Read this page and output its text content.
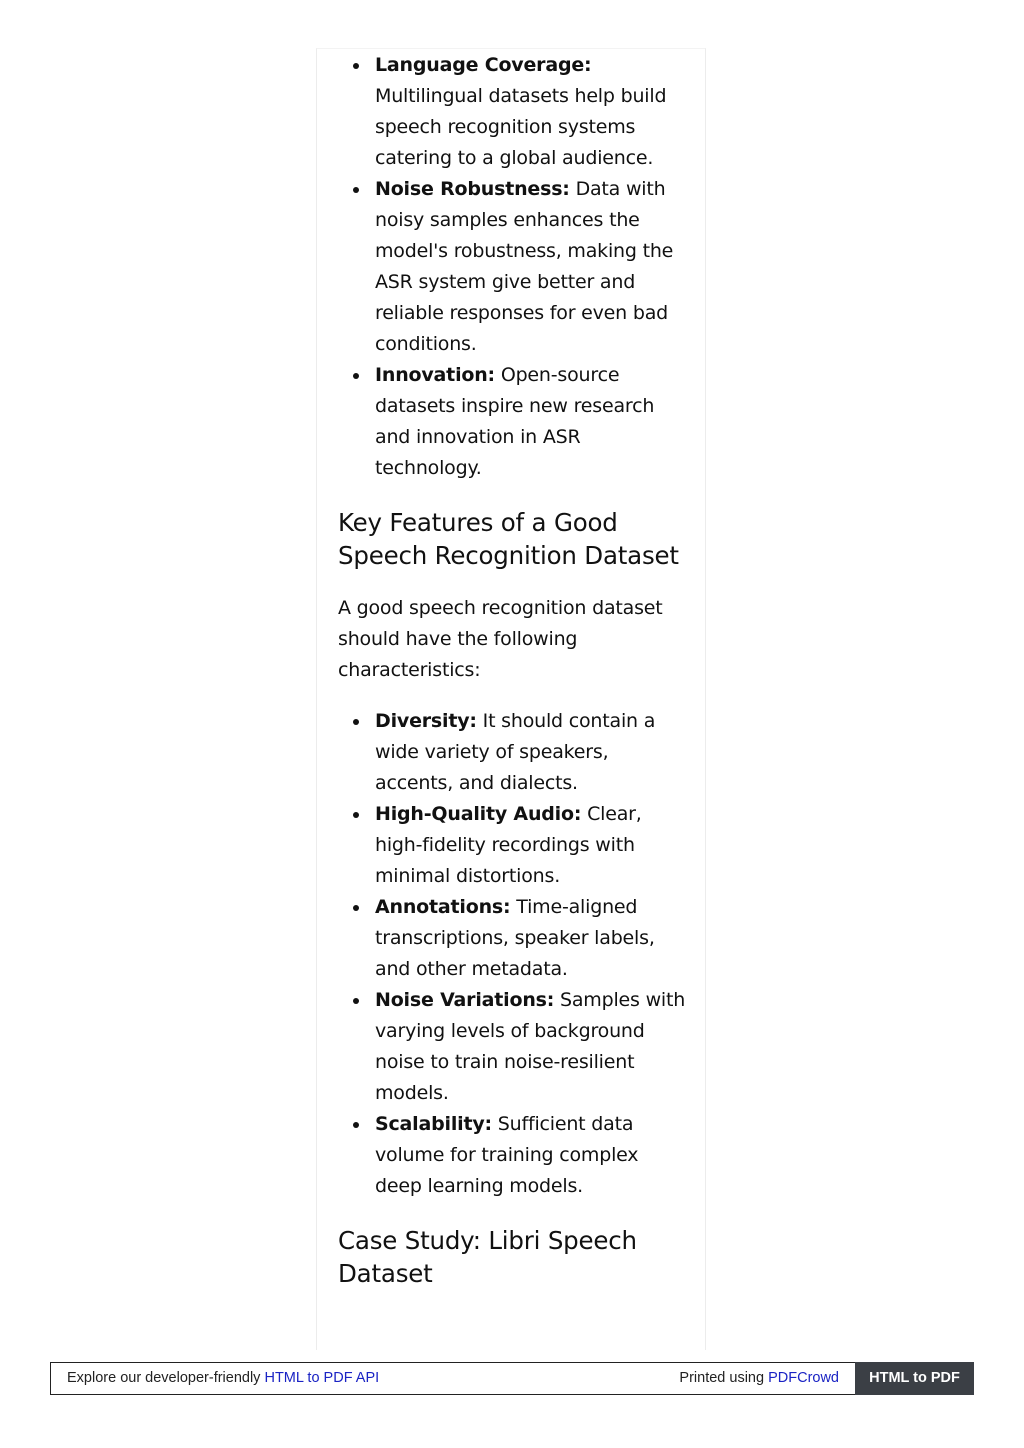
Language Coverage: Multilingual datasets help build speech recognition systems catering to a global audience.
Noise Robustness: Data with noisy samples enhances the model's robustness, making the ASR system give better and reliable responses for even bad conditions.
Innovation: Open-source datasets inspire new research and innovation in ASR technology.
Key Features of a Good Speech Recognition Dataset

A good speech recognition dataset should have the following characteristics:

Diversity: It should contain a wide variety of speakers, accents, and dialects.
High-Quality Audio: Clear, high-fidelity recordings with minimal distortions.
Annotations: Time-aligned transcriptions, speaker labels, and other metadata.
Noise Variations: Samples with varying levels of background noise to train noise-resilient models.
Scalability: Sufficient data volume for training complex deep learning models.
Case Study: Libri Speech Dataset
Explore our developer-friendly HTML to PDF API	Printed using PDFCrowd	HTML to PDF
